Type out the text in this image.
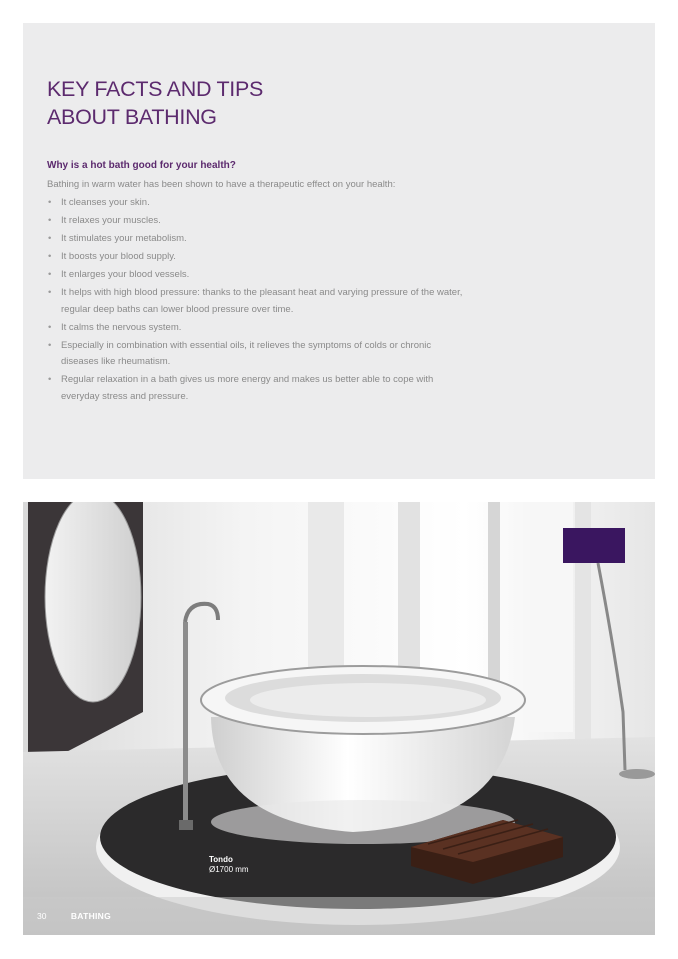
KEY FACTS AND TIPS
ABOUT BATHING

Why is a hot bath good for your health?

Bathing in warm water has been shown to have a therapeutic effect on your health:

• It cleanses your skin.
• It relaxes your muscles.
• It stimulates your metabolism.
• It boosts your blood supply.
• It enlarges your blood vessels.
• It helps with high blood pressure: thanks to the pleasant heat and varying pressure of the water, regular deep baths can lower blood pressure over time.
• It calms the nervous system.
• Especially in combination with essential oils, it relieves the symptoms of colds or chronic diseases like rheumatism.
• Regular relaxation in a bath gives us more energy and makes us better able to cope with everyday stress and pressure.
Tondo
Ø1700 mm
30	BATHING
